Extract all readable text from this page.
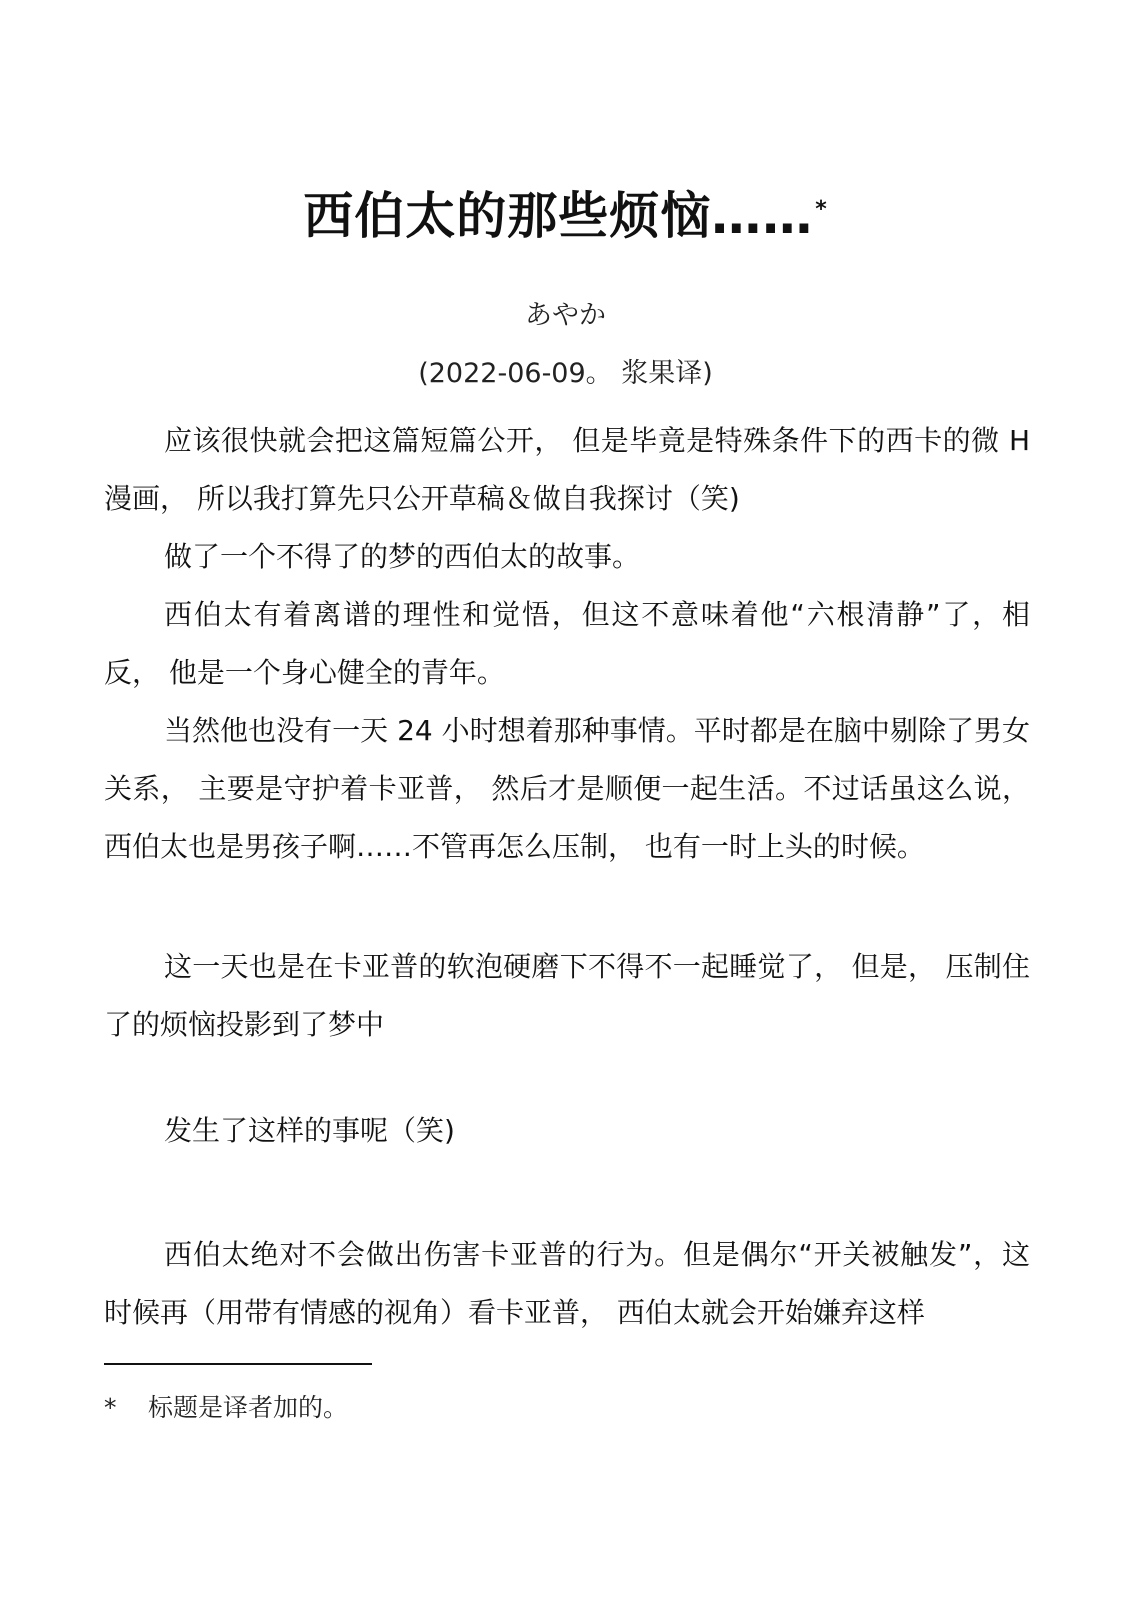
西伯太的那些烦恼……*
あやか
(2022-06-09。 浆果译)

应该很快就会把这篇短篇公开， 但是毕竟是特殊条件下的西卡的微 H 漫画， 所以我打算先只公开草稿＆做自我探讨（笑)

做了一个不得了的梦的西伯太的故事。

西伯太有着离谱的理性和觉悟，但这不意味着他“六根清静”了，相反， 他是一个身心健全的青年。

当然他也没有一天 24 小时想着那种事情。平时都是在脑中剔除了男女关系， 主要是守护着卡亚普， 然后才是顺便一起生活。不过话虽这么说， 西伯太也是男孩子啊……不管再怎么压制， 也有一时上头的时候。

这一天也是在卡亚普的软泡硬磨下不得不一起睡觉了， 但是， 压制住了的烦恼投影到了梦中

发生了这样的事呢（笑)

西伯太绝对不会做出伤害卡亚普的行为。但是偶尔“开关被触发”，这时候再（用带有情感的视角）看卡亚普， 西伯太就会开始嫌弃这样

* 标题是译者加的。
